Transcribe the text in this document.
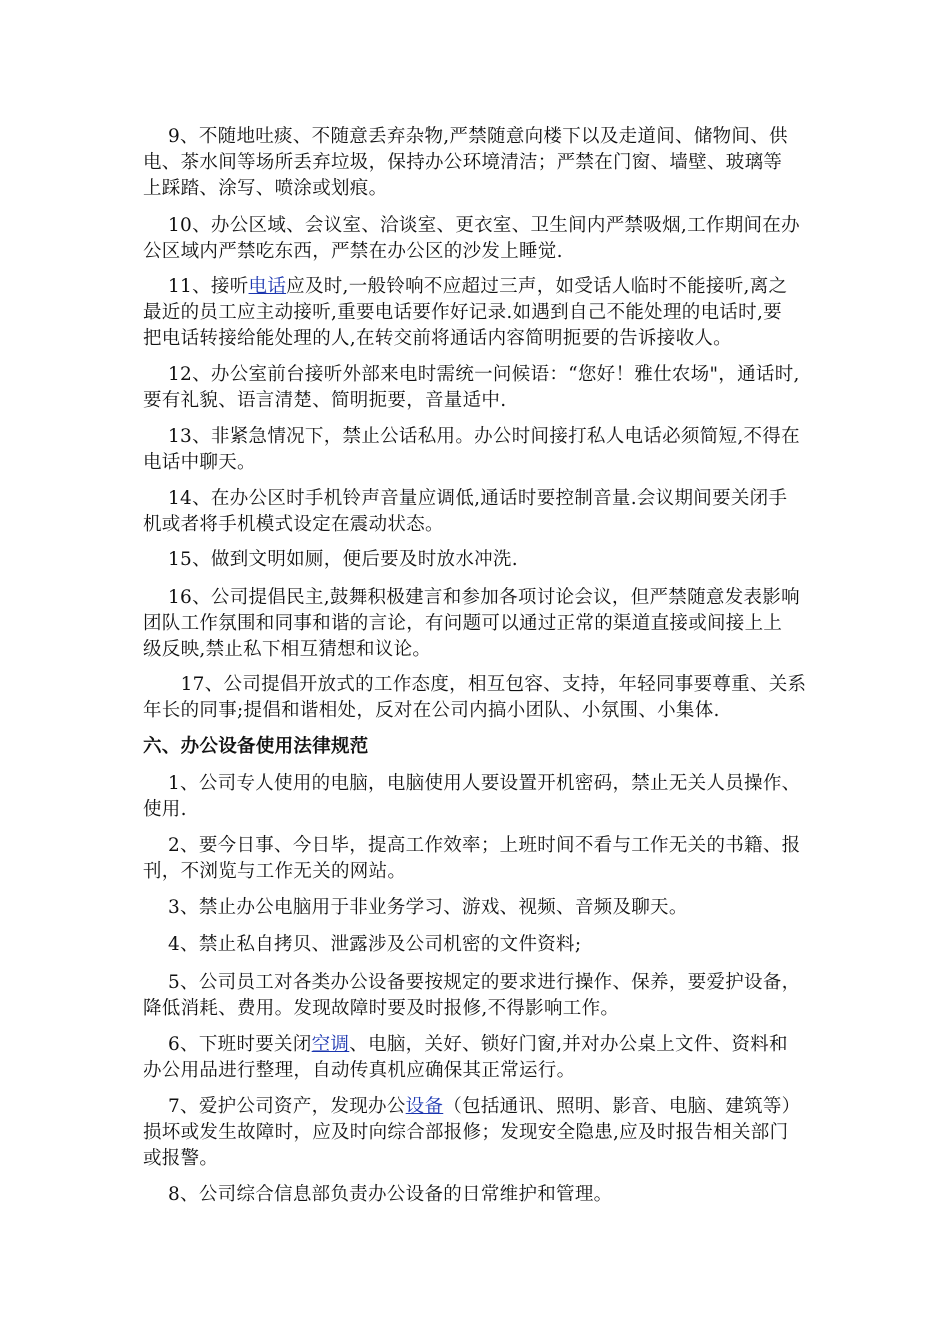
　 9、不随地吐痰、不随意丢弃杂物,严禁随意向楼下以及走道间、储物间、供
电、茶水间等场所丢弃垃圾，保持办公环境清洁；严禁在门窗、墙壁、玻璃等
上踩踏、涂写、喷涂或划痕。
　 10、办公区域、会议室、洽谈室、更衣室、卫生间内严禁吸烟,工作期间在办
公区域内严禁吃东西，严禁在办公区的沙发上睡觉.
　 11、接听电话应及时,一般铃响不应超过三声，如受话人临时不能接听,离之
最近的员工应主动接听,重要电话要作好记录.如遇到自己不能处理的电话时,要
把电话转接给能处理的人,在转交前将通话内容简明扼要的告诉接收人。
　 12、办公室前台接听外部来电时需统一问候语：“您好！雅仕农场"，通话时,
要有礼貌、语言清楚、简明扼要，音量适中.
　 13、非紧急情况下，禁止公话私用。办公时间接打私人电话必须简短,不得在
电话中聊天。
　 14、在办公区时手机铃声音量应调低,通话时要控制音量.会议期间要关闭手
机或者将手机模式设定在震动状态。
　 15、做到文明如厕，便后要及时放水冲洗.
　 16、公司提倡民主,鼓舞积极建言和参加各项讨论会议，但严禁随意发表影响
团队工作氛围和同事和谐的言论，有问题可以通过正常的渠道直接或间接上上
级反映,禁止私下相互猜想和议论。
　　17、公司提倡开放式的工作态度，相互包容、支持，年轻同事要尊重、关系
年长的同事;提倡和谐相处，反对在公司内搞小团队、小氛围、小集体.
六、办公设备使用法律规范
　 1、公司专人使用的电脑，电脑使用人要设置开机密码，禁止无关人员操作、
使用.
　 2、要今日事、今日毕，提高工作效率；上班时间不看与工作无关的书籍、报
刊，不浏览与工作无关的网站。
　 3、禁止办公电脑用于非业务学习、游戏、视频、音频及聊天。
　 4、禁止私自拷贝、泄露涉及公司机密的文件资料;
　 5、公司员工对各类办公设备要按规定的要求进行操作、保养，要爱护设备，
降低消耗、费用。发现故障时要及时报修,不得影响工作。
　 6、下班时要关闭空调、电脑，关好、锁好门窗,并对办公桌上文件、资料和
办公用品进行整理，自动传真机应确保其正常运行。
　 7、爱护公司资产，发现办公设备（包括通讯、照明、影音、电脑、建筑等）
损坏或发生故障时，应及时向综合部报修；发现安全隐患,应及时报告相关部门
或报警。
　 8、公司综合信息部负责办公设备的日常维护和管理。
